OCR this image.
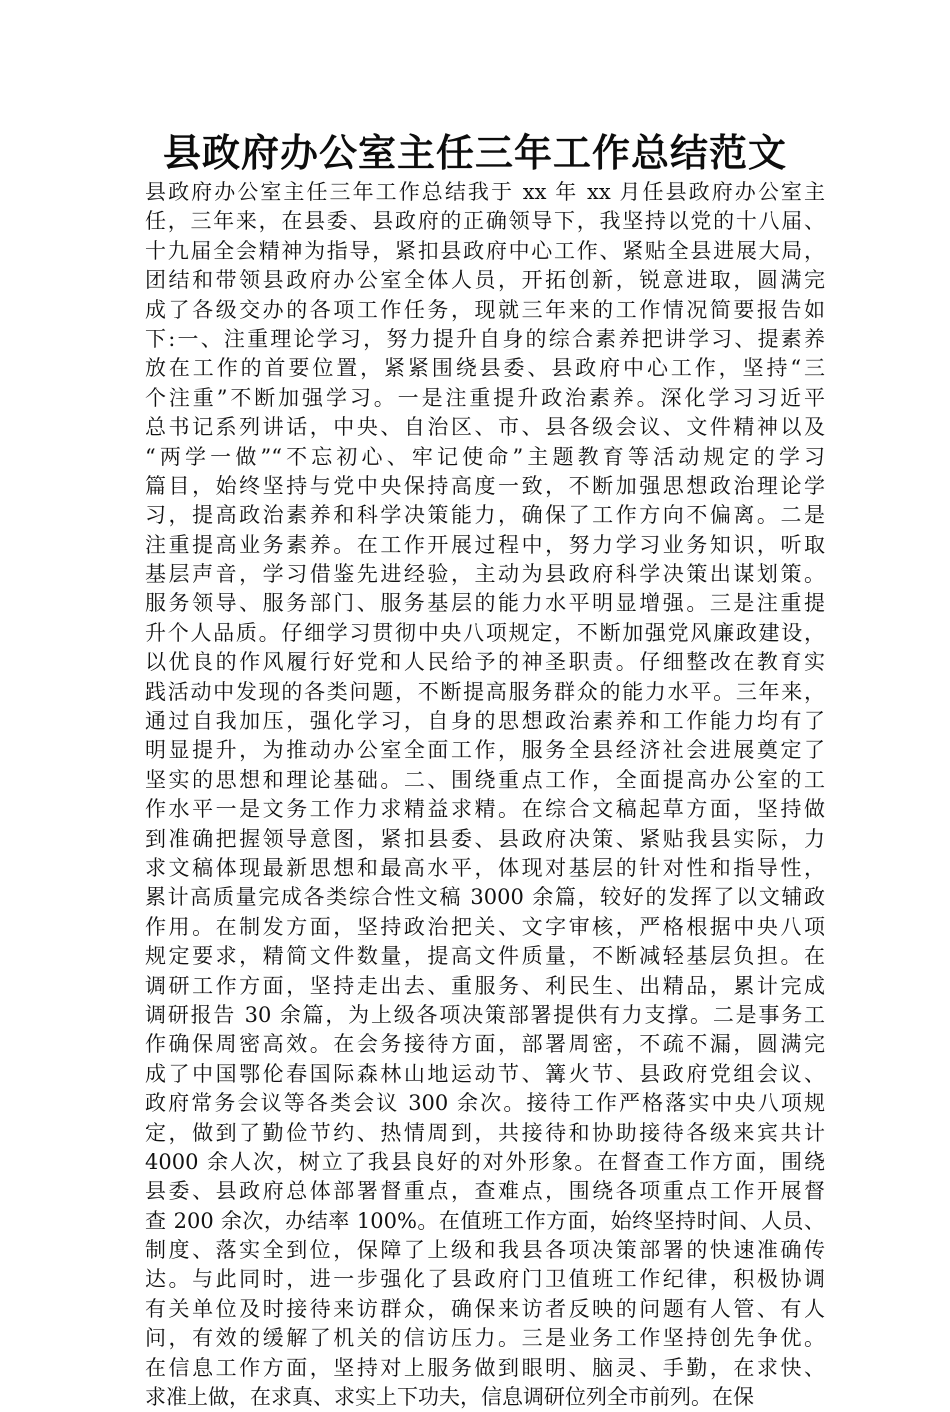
县政府办公室主任三年工作总结范文
县政府办公室主任三年工作总结我于 xx 年 xx 月任县政府办公室主
任，三年来，在县委、县政府的正确领导下，我坚持以党的十八届、
十九届全会精神为指导，紧扣县政府中心工作、紧贴全县进展大局，
团结和带领县政府办公室全体人员，开拓创新，锐意进取，圆满完
成了各级交办的各项工作任务，现就三年来的工作情况简要报告如
下:一、注重理论学习，努力提升自身的综合素养把讲学习、提素养
放在工作的首要位置，紧紧围绕县委、县政府中心工作，坚持“三
个注重”不断加强学习。一是注重提升政治素养。深化学习习近平
总书记系列讲话，中央、自治区、市、县各级会议、文件精神以及
“两学一做”“不忘初心、牢记使命”主题教育等活动规定的学习
篇目，始终坚持与党中央保持高度一致，不断加强思想政治理论学
习，提高政治素养和科学决策能力，确保了工作方向不偏离。二是
注重提高业务素养。在工作开展过程中，努力学习业务知识，听取
基层声音，学习借鉴先进经验，主动为县政府科学决策出谋划策。
服务领导、服务部门、服务基层的能力水平明显增强。三是注重提
升个人品质。仔细学习贯彻中央八项规定，不断加强党风廉政建设，
以优良的作风履行好党和人民给予的神圣职责。仔细整改在教育实
践活动中发现的各类问题，不断提高服务群众的能力水平。三年来，
通过自我加压，强化学习，自身的思想政治素养和工作能力均有了
明显提升，为推动办公室全面工作，服务全县经济社会进展奠定了
坚实的思想和理论基础。二、围绕重点工作，全面提高办公室的工
作水平一是文务工作力求精益求精。在综合文稿起草方面，坚持做
到准确把握领导意图，紧扣县委、县政府决策、紧贴我县实际，力
求文稿体现最新思想和最高水平，体现对基层的针对性和指导性，
累计高质量完成各类综合性文稿 3000 余篇，较好的发挥了以文辅政
作用。在制发方面，坚持政治把关、文字审核，严格根据中央八项
规定要求，精简文件数量，提高文件质量，不断减轻基层负担。在
调研工作方面，坚持走出去、重服务、利民生、出精品，累计完成
调研报告 30 余篇，为上级各项决策部署提供有力支撑。二是事务工
作确保周密高效。在会务接待方面，部署周密，不疏不漏，圆满完
成了中国鄂伦春国际森林山地运动节、篝火节、县政府党组会议、
政府常务会议等各类会议 300 余次。接待工作严格落实中央八项规
定，做到了勤俭节约、热情周到，共接待和协助接待各级来宾共计
4000 余人次，树立了我县良好的对外形象。在督查工作方面，围绕
县委、县政府总体部署督重点，查难点，围绕各项重点工作开展督
查 200 余次，办结率 100%。在值班工作方面，始终坚持时间、人员、
制度、落实全到位，保障了上级和我县各项决策部署的快速准确传
达。与此同时，进一步强化了县政府门卫值班工作纪律，积极协调
有关单位及时接待来访群众，确保来访者反映的问题有人管、有人
问，有效的缓解了机关的信访压力。三是业务工作坚持创先争优。
在信息工作方面，坚持对上服务做到眼明、脑灵、手勤，在求快、
求准上做，在求真、求实上下功夫，信息调研位列全市前列。在保
